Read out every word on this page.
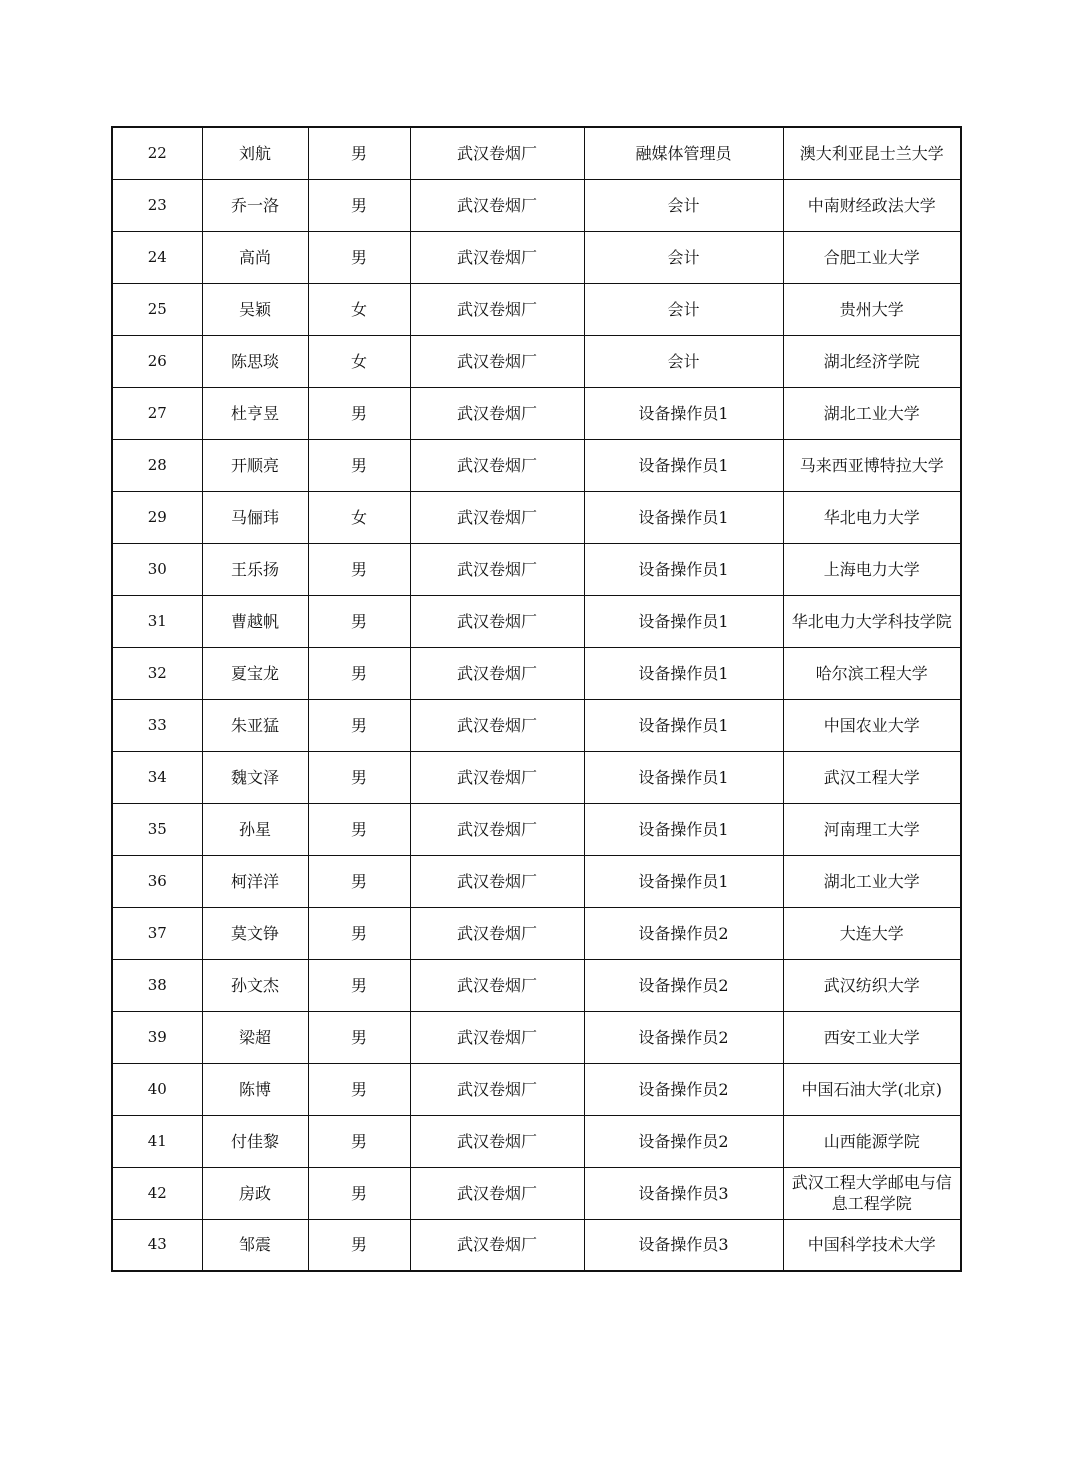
22	刘航	男	武汉卷烟厂	融媒体管理员	澳大利亚昆士兰大学
23	乔一洛	男	武汉卷烟厂	会计	中南财经政法大学
24	高尚	男	武汉卷烟厂	会计	合肥工业大学
25	吴颖	女	武汉卷烟厂	会计	贵州大学
26	陈思琰	女	武汉卷烟厂	会计	湖北经济学院
27	杜亨昱	男	武汉卷烟厂	设备操作员1	湖北工业大学
28	开顺亮	男	武汉卷烟厂	设备操作员1	马来西亚博特拉大学
29	马俪玮	女	武汉卷烟厂	设备操作员1	华北电力大学
30	王乐扬	男	武汉卷烟厂	设备操作员1	上海电力大学
31	曹越帆	男	武汉卷烟厂	设备操作员1	华北电力大学科技学院
32	夏宝龙	男	武汉卷烟厂	设备操作员1	哈尔滨工程大学
33	朱亚猛	男	武汉卷烟厂	设备操作员1	中国农业大学
34	魏文泽	男	武汉卷烟厂	设备操作员1	武汉工程大学
35	孙星	男	武汉卷烟厂	设备操作员1	河南理工大学
36	柯洋洋	男	武汉卷烟厂	设备操作员1	湖北工业大学
37	莫文铮	男	武汉卷烟厂	设备操作员2	大连大学
38	孙文杰	男	武汉卷烟厂	设备操作员2	武汉纺织大学
39	梁超	男	武汉卷烟厂	设备操作员2	西安工业大学
40	陈博	男	武汉卷烟厂	设备操作员2	中国石油大学(北京)
41	付佳黎	男	武汉卷烟厂	设备操作员2	山西能源学院
42	房政	男	武汉卷烟厂	设备操作员3	武汉工程大学邮电与信息工程学院
43	邹震	男	武汉卷烟厂	设备操作员3	中国科学技术大学
